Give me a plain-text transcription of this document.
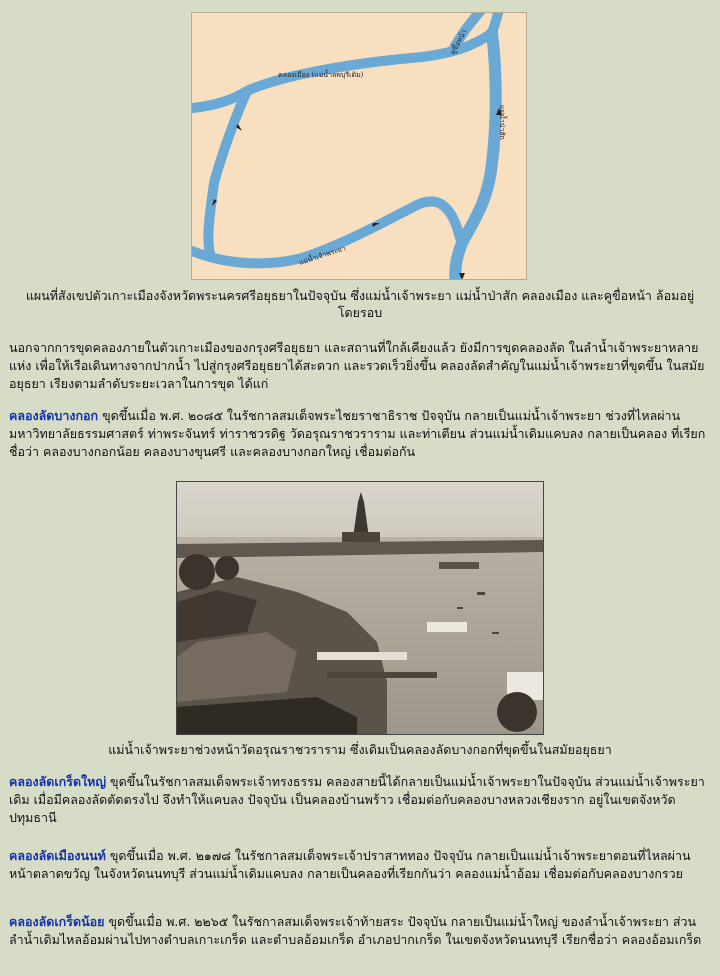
คลองเมือง (แม่น้ำลพบุรีเดิม)
คูขื่อหน้า
แม่น้ำป่าสัก
แม่น้ำเจ้าพระยา
แผนที่สังเขปตัวเกาะเมืองจังหวัดพระนครศรีอยุธยาในปัจจุบัน ซึ่งแม่น้ำเจ้าพระยา แม่น้ำป่าสัก คลองเมือง และคูขื่อหน้า ล้อมอยู่โดยรอบ
นอกจากการขุดคลองภายในตัวเกาะเมืองของกรุงศรีอยุธยา และสถานที่ใกล้เคียงแล้ว ยังมีการขุดคลองลัด ในลำน้ำเจ้าพระยาหลายแห่ง เพื่อให้เรือเดินทางจากปากน้ำ ไปสู่กรุงศรีอยุธยาได้สะดวก และรวดเร็วยิ่งขึ้น คลองลัดสำคัญในแม่น้ำเจ้าพระยาที่ขุดขึ้น ในสมัยอยุธยา เรียงตามลำดับระยะเวลาในการขุด ได้แก่
คลองลัดบางกอก ขุดขึ้นเมื่อ พ.ศ. ๒๐๘๕ ในรัชกาลสมเด็จพระไชยราชาธิราช ปัจจุบัน กลายเป็นแม่น้ำเจ้าพระยา ช่วงที่ไหลผ่านมหาวิทยาลัยธรรมศาสตร์ ท่าพระจันทร์ ท่าราชวรดิฐ วัดอรุณราชวราราม และท่าเตียน ส่วนแม่น้ำเดิมแคบลง กลายเป็นคลอง ที่เรียกชื่อว่า คลองบางกอกน้อย คลองบางขุนศรี และคลองบางกอกใหญ่ เชื่อมต่อกัน
แม่น้ำเจ้าพระยาช่วงหน้าวัดอรุณราชวราราม ซึ่งเดิมเป็นคลองลัดบางกอกที่ขุดขึ้นในสมัยอยุธยา
คลองลัดเกร็ดใหญ่ ขุดขึ้นในรัชกาลสมเด็จพระเจ้าทรงธรรม คลองสายนี้ได้กลายเป็นแม่น้ำเจ้าพระยาในปัจจุบัน ส่วนแม่น้ำเจ้าพระยาเดิม เมื่อมีคลองลัดตัดตรงไป จึงทำให้แคบลง ปัจจุบัน เป็นคลองบ้านพร้าว เชื่อมต่อกับคลองบางหลวงเชียงราก อยู่ในเขตจังหวัดปทุมธานี
คลองลัดเมืองนนท์ ขุดขึ้นเมื่อ พ.ศ. ๒๑๗๘ ในรัชกาลสมเด็จพระเจ้าปราสาททอง ปัจจุบัน กลายเป็นแม่น้ำเจ้าพระยาตอนที่ไหลผ่านหน้าตลาดขวัญ ในจังหวัดนนทบุรี ส่วนแม่น้ำเดิมแคบลง กลายเป็นคลองที่เรียกกันว่า คลองแม่น้ำอ้อม เชื่อมต่อกับคลองบางกรวย
คลองลัดเกร็ดน้อย ขุดขึ้นเมื่อ พ.ศ. ๒๒๖๕ ในรัชกาลสมเด็จพระเจ้าท้ายสระ ปัจจุบัน กลายเป็นแม่น้ำใหญ่ ของลำน้ำเจ้าพระยา ส่วนลำน้ำเดิมไหลอ้อมผ่านไปทางตำบลเกาะเกร็ด และตำบลอ้อมเกร็ด อำเภอปากเกร็ด ในเขตจังหวัดนนทบุรี เรียกชื่อว่า คลองอ้อมเกร็ด
